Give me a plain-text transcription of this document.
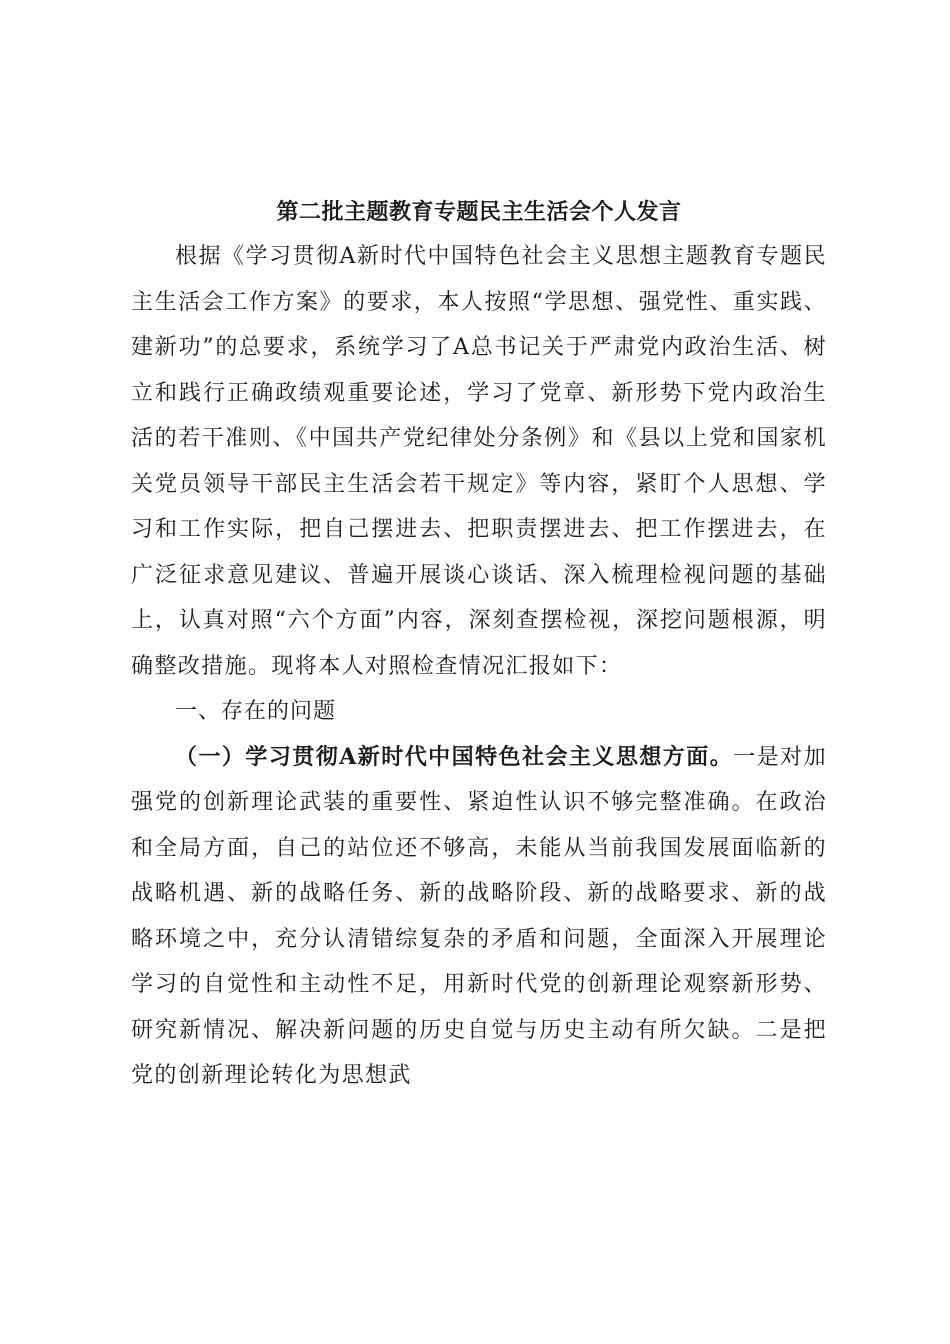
第二批主题教育专题民主生活会个人发言

根据《学习贯彻A新时代中国特色社会主义思想主题教育专题民主生活会工作方案》的要求，本人按照“学思想、强党性、重实践、建新功”的总要求，系统学习了A总书记关于严肃党内政治生活、树立和践行正确政绩观重要论述，学习了党章、新形势下党内政治生活的若干准则、《中国共产党纪律处分条例》和《县以上党和国家机关党员领导干部民主生活会若干规定》等内容，紧盯个人思想、学习和工作实际，把自己摆进去、把职责摆进去、把工作摆进去，在广泛征求意见建议、普遍开展谈心谈话、深入梳理检视问题的基础上，认真对照“六个方面”内容，深刻查摆检视，深挖问题根源，明确整改措施。现将本人对照检查情况汇报如下：

一、存在的问题

（一）学习贯彻A新时代中国特色社会主义思想方面。一是对加强党的创新理论武装的重要性、紧迫性认识不够完整准确。在政治和全局方面，自己的站位还不够高，未能从当前我国发展面临新的战略机遇、新的战略任务、新的战略阶段、新的战略要求、新的战略环境之中，充分认清错综复杂的矛盾和问题，全面深入开展理论学习的自觉性和主动性不足，用新时代党的创新理论观察新形势、研究新情况、解决新问题的历史自觉与历史主动有所欠缺。二是把党的创新理论转化为思想武
